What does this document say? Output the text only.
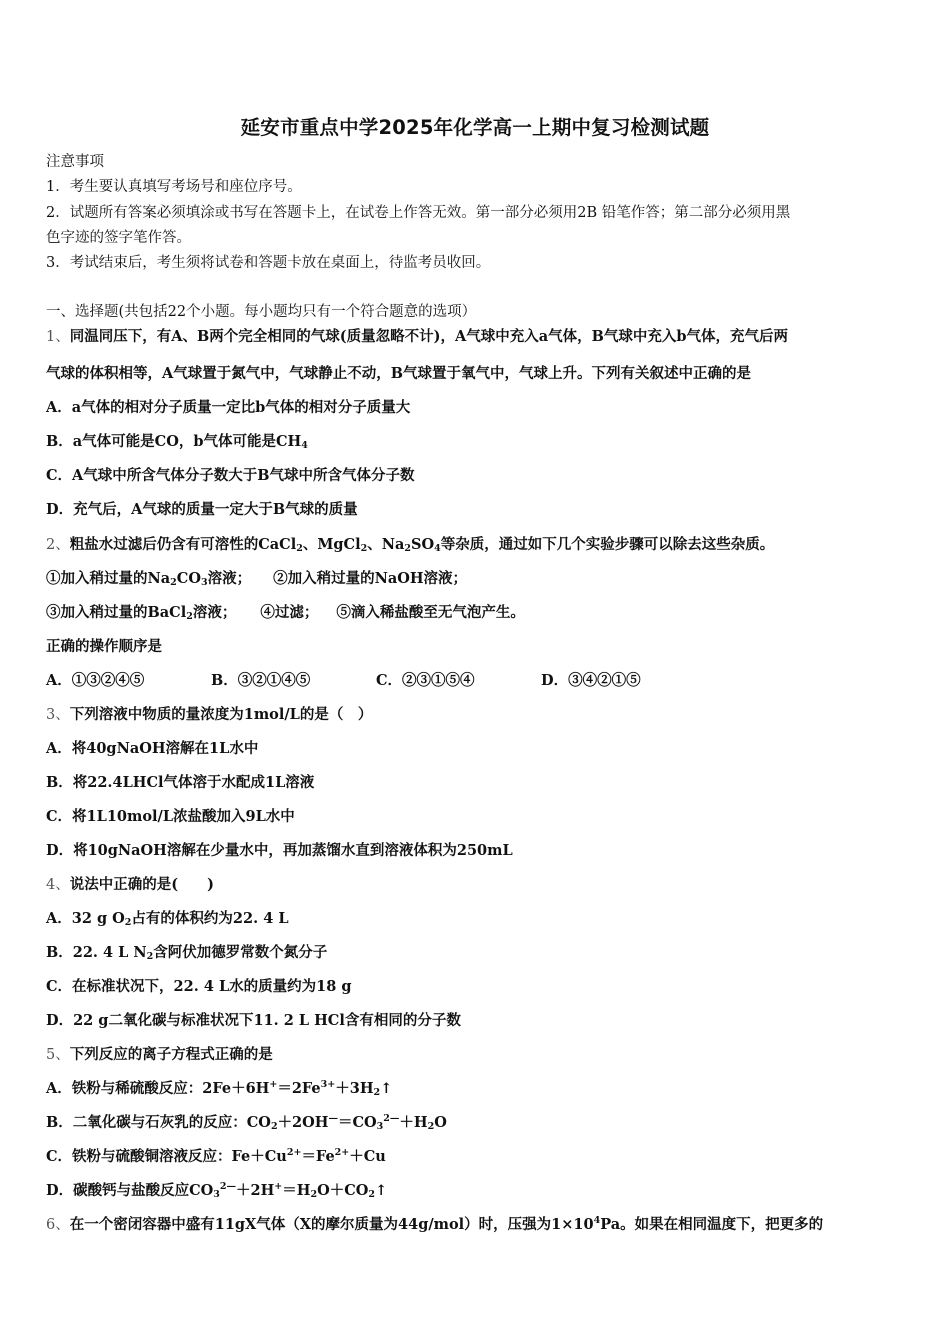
延安市重点中学2025年化学高一上期中复习检测试题
注意事项
1．考生要认真填写考场号和座位序号。
2．试题所有答案必须填涂或书写在答题卡上，在试卷上作答无效。第一部分必须用2B 铅笔作答；第二部分必须用黑
色字迹的签字笔作答。
3．考试结束后，考生须将试卷和答题卡放在桌面上，待监考员收回。
一、选择题(共包括22个小题。每小题均只有一个符合题意的选项）
1、同温同压下，有A、B两个完全相同的气球(质量忽略不计)，A气球中充入a气体，B气球中充入b气体，充气后两
气球的体积相等，A气球置于氮气中，气球静止不动，B气球置于氧气中，气球上升。下列有关叙述中正确的是
A．a气体的相对分子质量一定比b气体的相对分子质量大
B．a气体可能是CO，b气体可能是$CH_4$
C．A气球中所含气体分子数大于B气球中所含气体分子数
D．充气后，A气球的质量一定大于B气球的质量
2、粗盐水过滤后仍含有可溶性的CaCl$_2$、MgCl$_2$、$Na_2SO_4$等杂质，通过如下几个实验步骤可以除去这些杂质。
①加入稍过量的$Na_2CO_3$溶液； ②加入稍过量的NaOH溶液；
③加入稍过量的BaCl$_2$溶液； ④过滤； ⑤滴入稀盐酸至无气泡产生。
正确的操作顺序是
A．①③②④⑤	B．③②①④⑤	C．②③①⑤④	D．③④②①⑤
3、下列溶液中物质的量浓度为1mol/L的是（　）
A．将40gNaOH溶解在1L水中
B．将22.4LHCl气体溶于水配成1L溶液
C．将1L10mol/L浓盐酸加入9L水中
D．将10gNaOH溶解在少量水中，再加蒸馏水直到溶液体积为250mL
4、说法中正确的是(　　)
A．32 g $O_2$占有的体积约为22. 4 L
B．22. 4 L $N_2$含阿伏加德罗常数个氮分子
C．在标准状况下，22. 4 L水的质量约为18 g
D．22 g二氧化碳与标准状况下11. 2 L HCl含有相同的分子数
5、下列反应的离子方程式正确的是
A．铁粉与稀硫酸反应：$2Fe+6H^+=2Fe^{3+}+3H_2↑$
B．二氧化碳与石灰乳的反应：$CO_2+2OH^—=CO_3^{2—}+H_2O$
C．铁粉与硫酸铜溶液反应：$Fe+Cu^{2+}=Fe^{2+}+Cu$
D．碳酸钙与盐酸反应$CO_3^{2—}+2H^+=H_2O+CO_2↑$
6、在一个密闭容器中盛有11gX气体（X的摩尔质量为44g/mol）时，压强为$1\times 10^4Pa$。如果在相同温度下，把更多的
